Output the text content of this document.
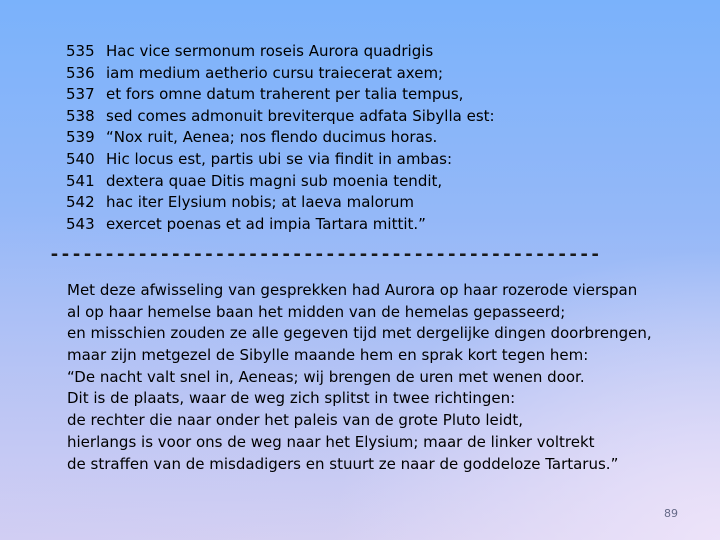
535 Hac vice sermonum roseis Aurora quadrigis
536 iam medium aetherio cursu traiecerat axem;
537 et fors omne datum traherent per talia tempus,
538 sed comes admonuit breviterque adfata Sibylla est:
539 “Nox ruit, Aenea; nos flendo ducimus horas.
540 Hic locus est, partis ubi se via findit in ambas:
541 dextera quae Ditis magni sub moenia tendit,
542 hac iter Elysium nobis; at laeva malorum
543 exercet poenas et ad impia Tartara mittit.”
--------------------------------------------------
Met deze afwisseling van gesprekken had Aurora op haar rozerode vierspan
al op haar hemelse baan het midden van de hemelas gepasseerd;
en misschien zouden ze alle gegeven tijd met dergelijke dingen doorbrengen,
maar zijn metgezel de Sibylle maande hem en sprak kort tegen hem:
“De nacht valt snel in, Aeneas; wij brengen de uren met wenen door.
Dit is de plaats, waar de weg zich splitst in twee richtingen:
de rechter die naar onder het paleis van de grote Pluto leidt,
hierlangs is voor ons de weg naar het Elysium; maar de linker voltrekt
de straffen van de misdadigers en stuurt ze naar de goddeloze Tartarus.”
89
